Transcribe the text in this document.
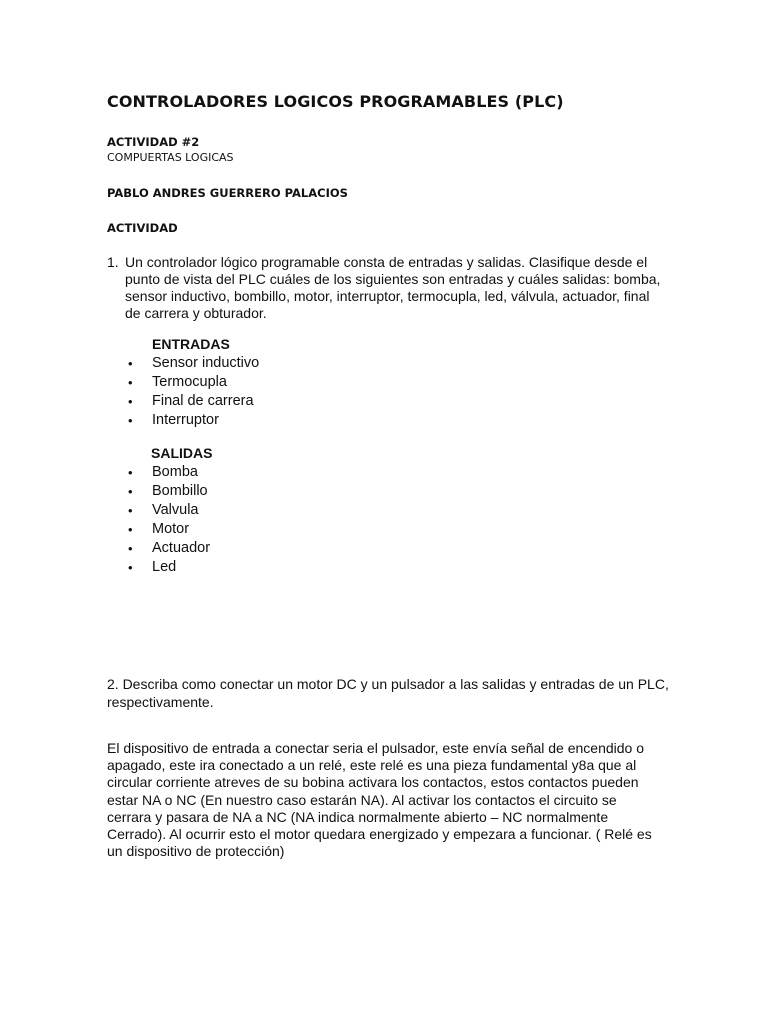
CONTROLADORES LOGICOS PROGRAMABLES (PLC)
ACTIVIDAD #2
COMPUERTAS LOGICAS
PABLO ANDRES GUERRERO PALACIOS
ACTIVIDAD
1. Un controlador lógico programable consta de entradas y salidas. Clasifique desde el
punto de vista del PLC cuáles de los siguientes son entradas y cuáles salidas: bomba,
sensor inductivo, bombillo, motor, interruptor, termocupla, led, válvula, actuador, final
de carrera y obturador.
ENTRADAS
•	Sensor inductivo
•	Termocupla
•	Final de carrera
•	Interruptor
SALIDAS
•	Bomba
•	Bombillo
•	Valvula
•	Motor
•	Actuador
•	Led
2. Describa como conectar un motor DC y un pulsador a las salidas y entradas de un PLC,
respectivamente.
El dispositivo de entrada a conectar seria el pulsador, este envía señal de encendido o
apagado, este ira conectado a un relé, este relé es una pieza fundamental y8a que al
circular corriente atreves de su bobina activara los contactos, estos contactos pueden
estar NA o NC (En nuestro caso estarán NA). Al activar los contactos el circuito se
cerrara y pasara de NA a NC (NA indica normalmente abierto – NC normalmente
Cerrado). Al ocurrir esto el motor quedara energizado y empezara a funcionar. ( Relé es
un dispositivo de protección)
